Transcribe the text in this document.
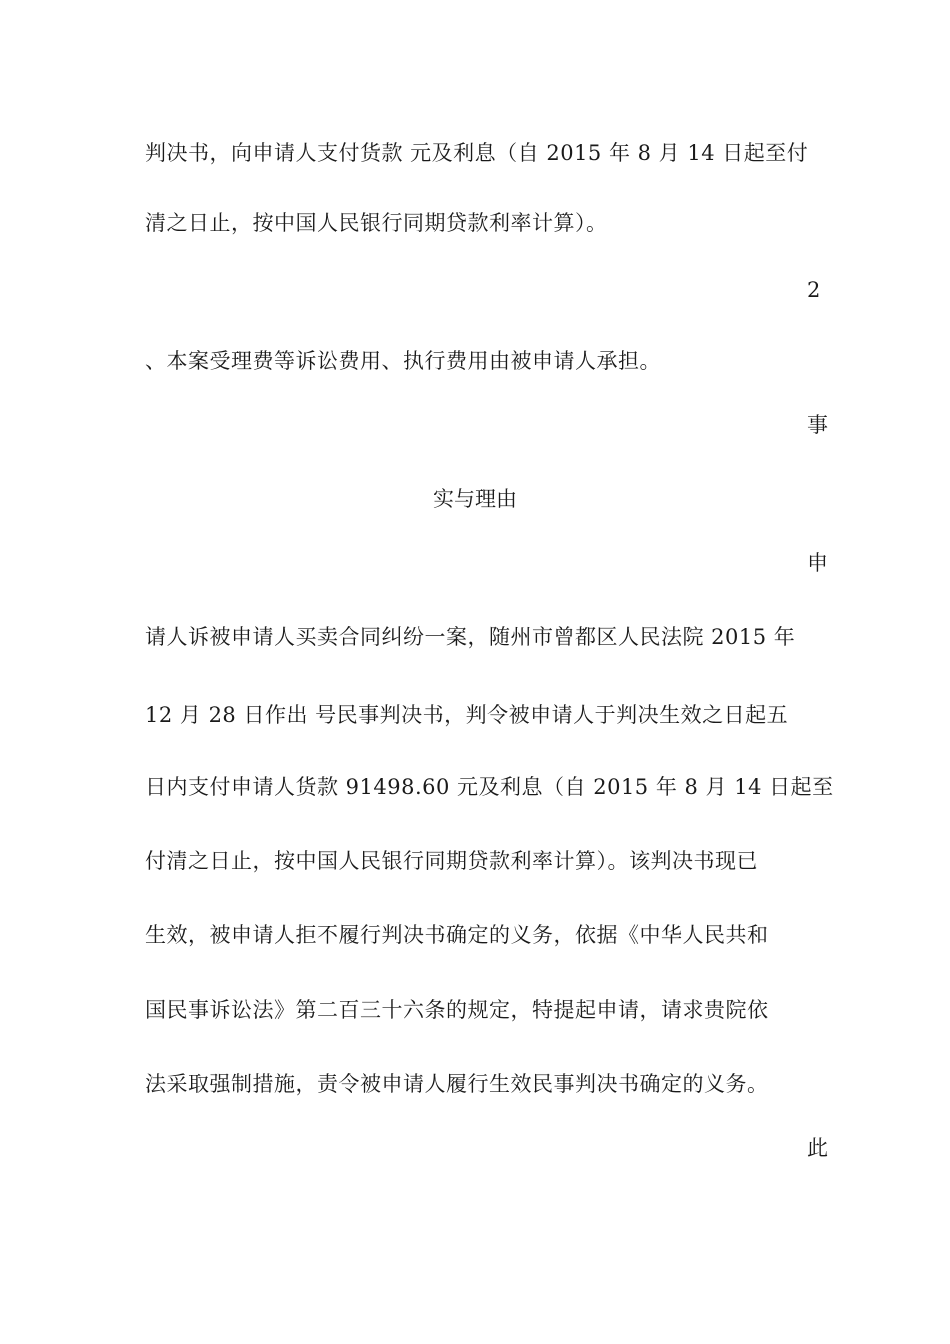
判决书，向申请人支付货款 元及利息（自 2015 年 8 月 14 日起至付
清之日止，按中国人民银行同期贷款利率计算）。
2
、本案受理费等诉讼费用、执行费用由被申请人承担。
事
实与理由
申
请人诉被申请人买卖合同纠纷一案，随州市曾都区人民法院 2015 年
12 月 28 日作出 号民事判决书，判令被申请人于判决生效之日起五
日内支付申请人货款 91498.60 元及利息（自 2015 年 8 月 14 日起至
付清之日止，按中国人民银行同期贷款利率计算）。该判决书现已
生效，被申请人拒不履行判决书确定的义务，依据《中华人民共和
国民事诉讼法》第二百三十六条的规定，特提起申请，请求贵院依
法采取强制措施，责令被申请人履行生效民事判决书确定的义务。
此
